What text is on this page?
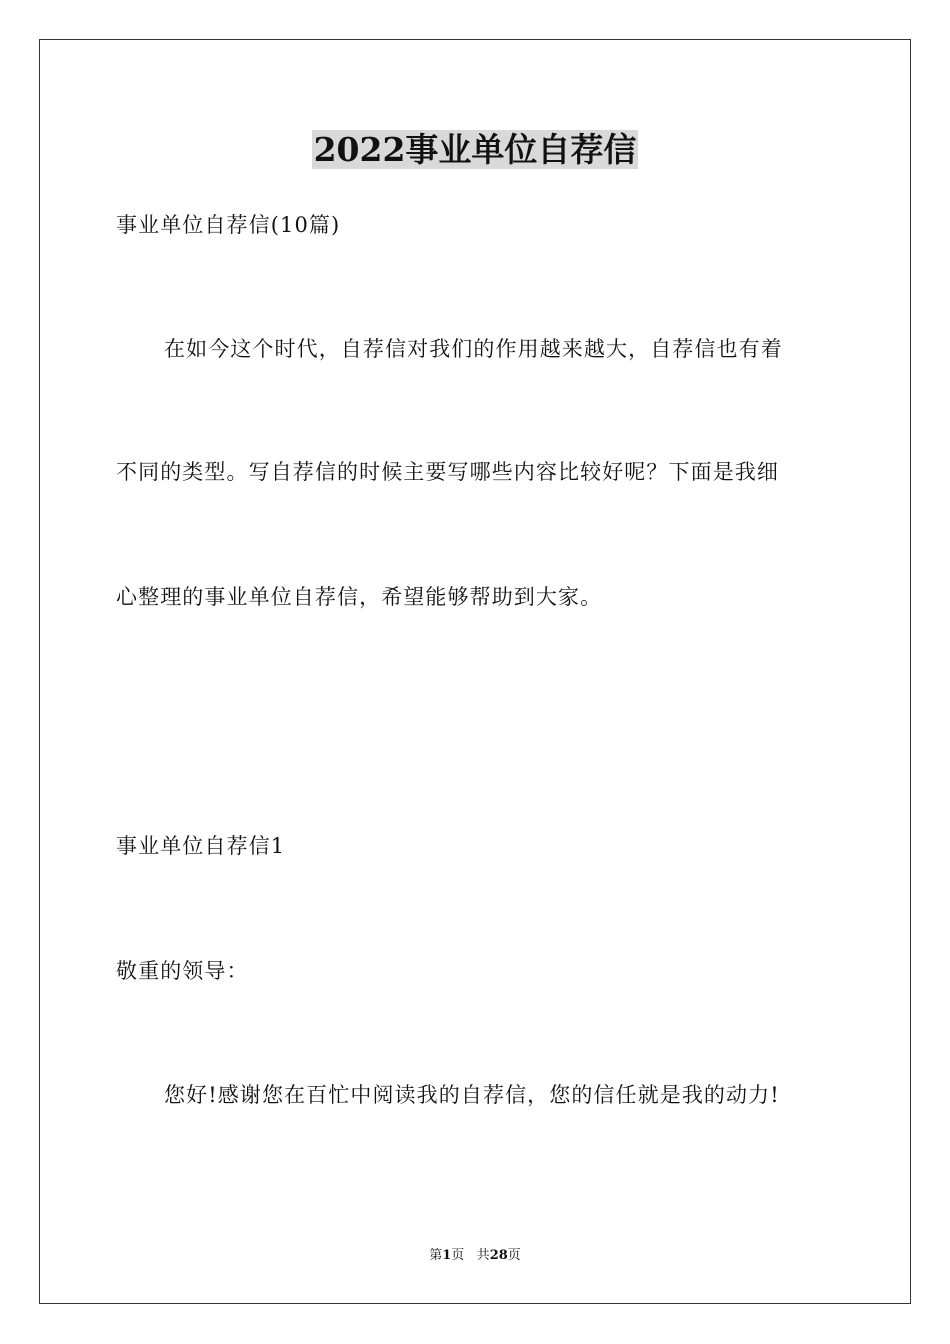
2022事业单位自荐信
事业单位自荐信(10篇)
在如今这个时代，自荐信对我们的作用越来越大，自荐信也有着
不同的类型。写自荐信的时候主要写哪些内容比较好呢？下面是我细
心整理的事业单位自荐信，希望能够帮助到大家。
事业单位自荐信1
敬重的领导：
您好!感谢您在百忙中阅读我的自荐信，您的信任就是我的动力!
第1页 共28页
